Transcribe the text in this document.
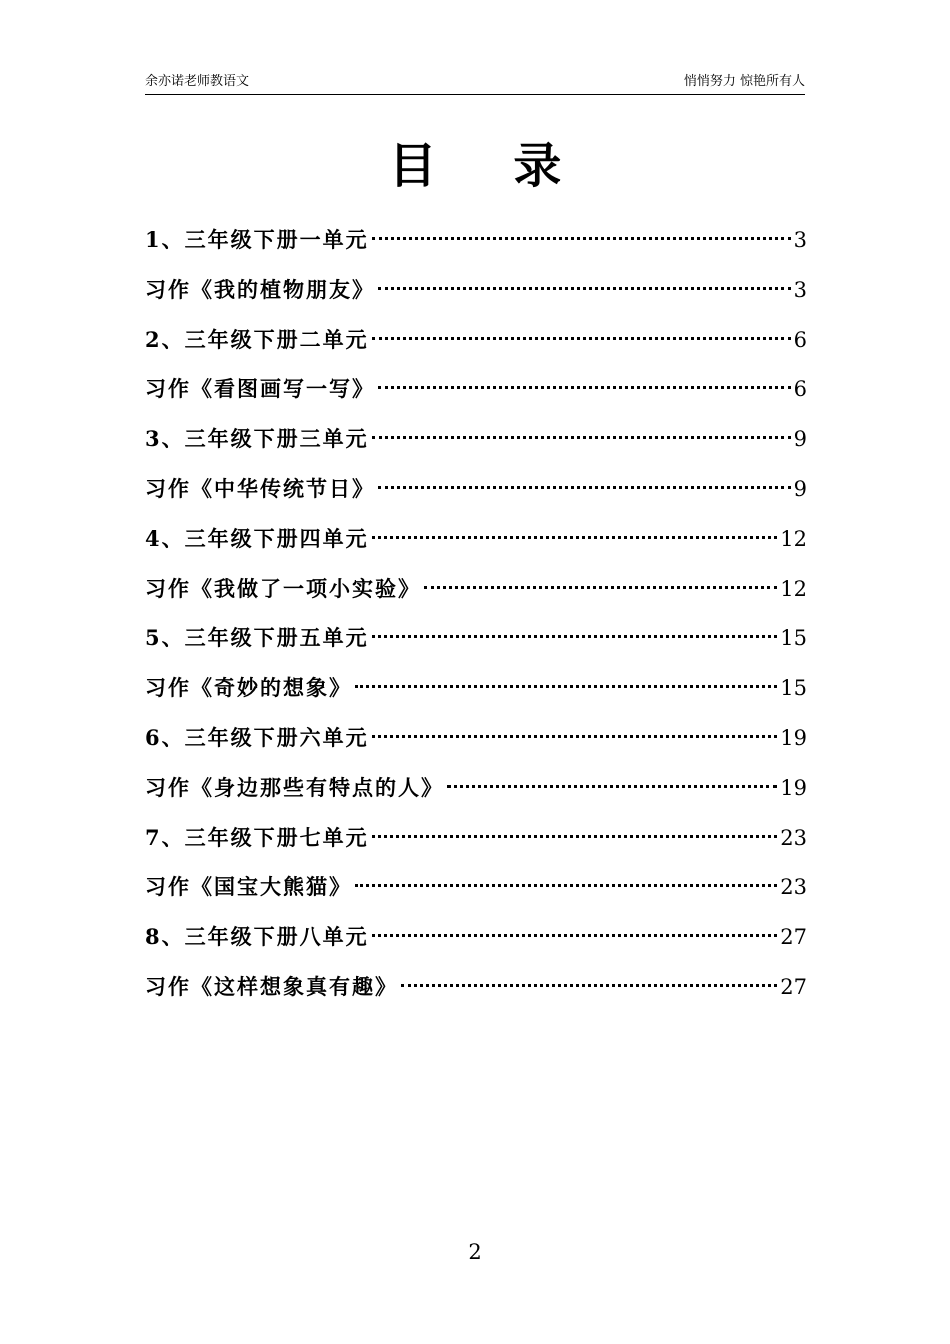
余亦诺老师教语文	悄悄努力 惊艳所有人
目 录
1、三年级下册一单元	3
习作《我的植物朋友》	3
2、三年级下册二单元	6
习作《看图画写一写》	6
3、三年级下册三单元	9
习作《中华传统节日》	9
4、三年级下册四单元	12
习作《我做了一项小实验》	12
5、三年级下册五单元	15
习作《奇妙的想象》	15
6、三年级下册六单元	19
习作《身边那些有特点的人》	19
7、三年级下册七单元	23
习作《国宝大熊猫》	23
8、三年级下册八单元	27
习作《这样想象真有趣》	27
2
